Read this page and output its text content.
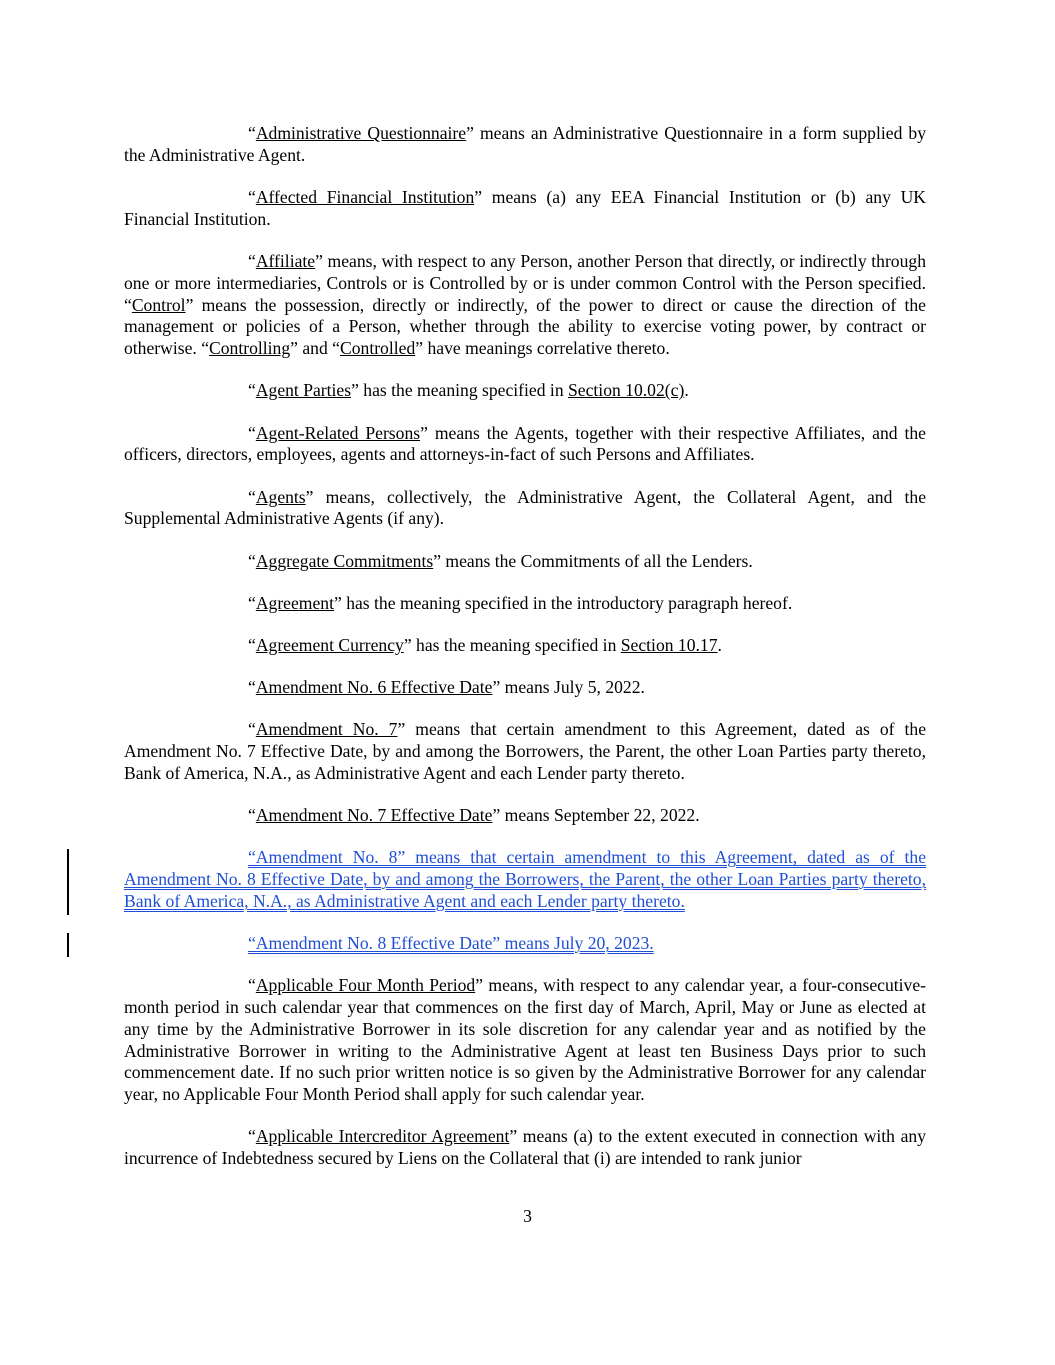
“Administrative Questionnaire” means an Administrative Questionnaire in a form supplied by the Administrative Agent.

“Affected Financial Institution” means (a) any EEA Financial Institution or (b) any UK Financial Institution.

“Affiliate” means, with respect to any Person, another Person that directly, or indirectly through one or more intermediaries, Controls or is Controlled by or is under common Control with the Person specified. “Control” means the possession, directly or indirectly, of the power to direct or cause the direction of the management or policies of a Person, whether through the ability to exercise voting power, by contract or otherwise. “Controlling” and “Controlled” have meanings correlative thereto.

“Agent Parties” has the meaning specified in Section 10.02(c).

“Agent-Related Persons” means the Agents, together with their respective Affiliates, and the officers, directors, employees, agents and attorneys-in-fact of such Persons and Affiliates.

“Agents” means, collectively, the Administrative Agent, the Collateral Agent, and the Supplemental Administrative Agents (if any).

“Aggregate Commitments” means the Commitments of all the Lenders.

“Agreement” has the meaning specified in the introductory paragraph hereof.

“Agreement Currency” has the meaning specified in Section 10.17.

“Amendment No. 6 Effective Date” means July 5, 2022.

“Amendment No. 7” means that certain amendment to this Agreement, dated as of the Amendment No. 7 Effective Date, by and among the Borrowers, the Parent, the other Loan Parties party thereto, Bank of America, N.A., as Administrative Agent and each Lender party thereto.

“Amendment No. 7 Effective Date” means September 22, 2022.

“Amendment No. 8” means that certain amendment to this Agreement, dated as of the Amendment No. 8 Effective Date, by and among the Borrowers, the Parent, the other Loan Parties party thereto, Bank of America, N.A., as Administrative Agent and each Lender party thereto.

“Amendment No. 8 Effective Date” means July 20, 2023.

“Applicable Four Month Period” means, with respect to any calendar year, a four-consecutive-month period in such calendar year that commences on the first day of March, April, May or June as elected at any time by the Administrative Borrower in its sole discretion for any calendar year and as notified by the Administrative Borrower in writing to the Administrative Agent at least ten Business Days prior to such commencement date. If no such prior written notice is so given by the Administrative Borrower for any calendar year, no Applicable Four Month Period shall apply for such calendar year.

“Applicable Intercreditor Agreement” means (a) to the extent executed in connection with any incurrence of Indebtedness secured by Liens on the Collateral that (i) are intended to rank junior

3
